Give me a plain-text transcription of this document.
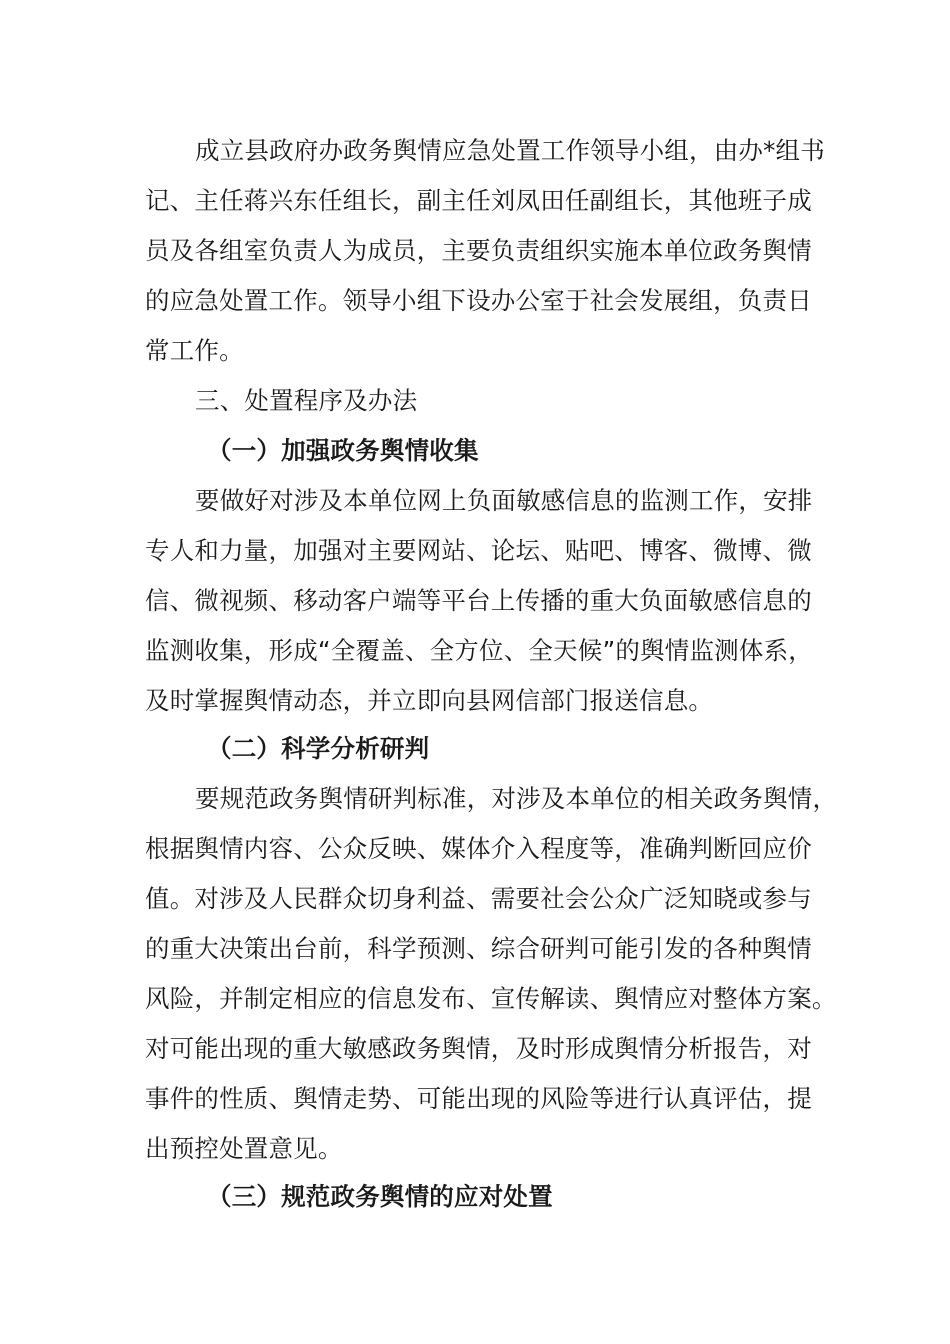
成立县政府办政务舆情应急处置工作领导小组，由办*组书
记、主任蒋兴东任组长，副主任刘凤田任副组长，其他班子成
员及各组室负责人为成员，主要负责组织实施本单位政务舆情
的应急处置工作。领导小组下设办公室于社会发展组，负责日
常工作。
三、处置程序及办法
（一）加强政务舆情收集
要做好对涉及本单位网上负面敏感信息的监测工作，安排
专人和力量，加强对主要网站、论坛、贴吧、博客、微博、微
信、微视频、移动客户端等平台上传播的重大负面敏感信息的
监测收集，形成“全覆盖、全方位、全天候”的舆情监测体系，
及时掌握舆情动态，并立即向县网信部门报送信息。
（二）科学分析研判
要规范政务舆情研判标准，对涉及本单位的相关政务舆情，
根据舆情内容、公众反映、媒体介入程度等，准确判断回应价
值。对涉及人民群众切身利益、需要社会公众广泛知晓或参与
的重大决策出台前，科学预测、综合研判可能引发的各种舆情
风险，并制定相应的信息发布、宣传解读、舆情应对整体方案。
对可能出现的重大敏感政务舆情，及时形成舆情分析报告，对
事件的性质、舆情走势、可能出现的风险等进行认真评估，提
出预控处置意见。
（三）规范政务舆情的应对处置
